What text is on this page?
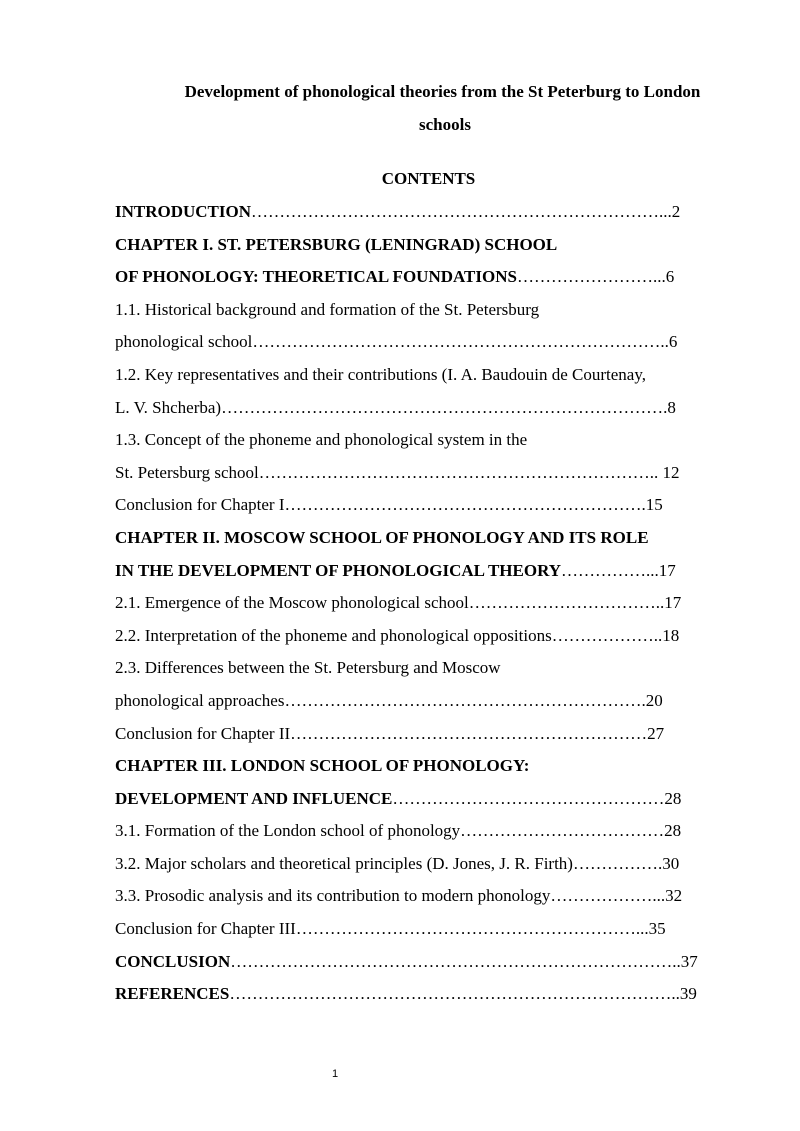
Development of phonological theories from the St Peterburg to London
schools
CONTENTS
INTRODUCTION………………………………………………………………...2
CHAPTER I. ST. PETERSBURG (LENINGRAD) SCHOOL
OF PHONOLOGY: THEORETICAL FOUNDATIONS……………………...6
1.1. Historical background and formation of the St. Petersburg
phonological school………………………………………………………………..6
1.2. Key representatives and their contributions (I. A. Baudouin de Courtenay,
L. V. Shcherba)…………………………………………………………………….8
1.3. Concept of the phoneme and phonological system in the
St. Petersburg school…………………………………………………………….. 12
Conclusion for Chapter I……………………………………………………….15
CHAPTER II. MOSCOW SCHOOL OF PHONOLOGY AND ITS ROLE
IN THE DEVELOPMENT OF PHONOLOGICAL THEORY……………...17
2.1. Emergence of the Moscow phonological school……………………………..17
2.2. Interpretation of the phoneme and phonological oppositions………………..18
2.3. Differences between the St. Petersburg and Moscow
phonological approaches……………………………………………………….20
Conclusion for Chapter II………………………………………………………27
CHAPTER III. LONDON SCHOOL OF PHONOLOGY:
DEVELOPMENT AND INFLUENCE…………………………………………28
3.1. Formation of the London school of phonology………………………………28
3.2. Major scholars and theoretical principles (D. Jones, J. R. Firth)…………….30
3.3. Prosodic analysis and its contribution to modern phonology………………...32
Conclusion for Chapter III……………………………………………………...35
CONCLUSION……………………………………………………………………..37
REFERENCES……………………………………………………………………..39
1
